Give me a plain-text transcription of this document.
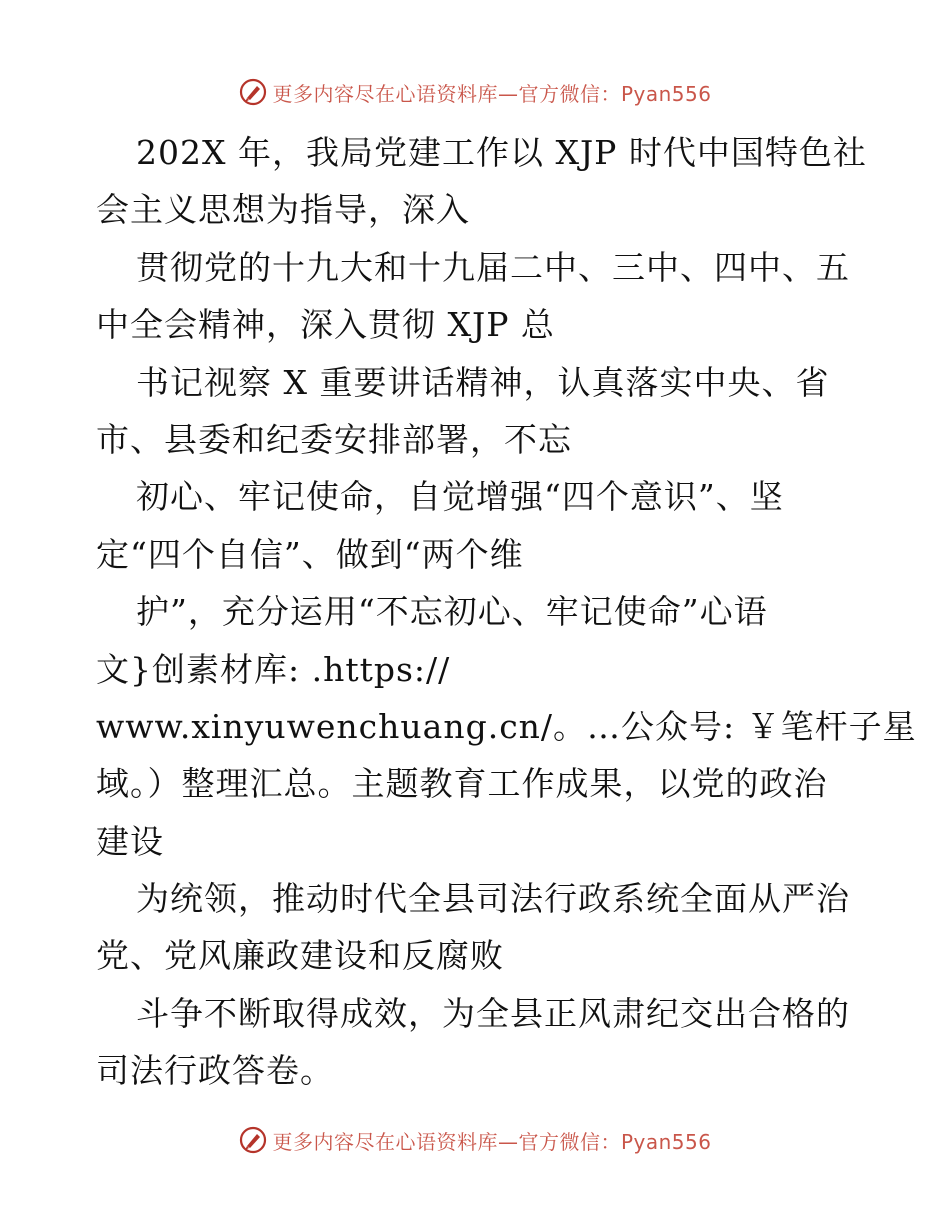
更多内容尽在心语资料库—官方微信：Pyan556
202X 年，我局党建工作以 XJP 时代中国特色社
会主义思想为指导，深入
贯彻党的十九大和十九届二中、三中、四中、五
中全会精神，深入贯彻 XJP 总
书记视察 X 重要讲话精神，认真落实中央、省
市、县委和纪委安排部署，不忘
初心、牢记使命，自觉增强“四个意识”、坚
定“四个自信”、做到“两个维
护”，充分运用“不忘初心、牢记使命”心语
文}创素材库: .https://
www.xinyuwenchuang.cn/。…公众号: ￥笔杆子星
域。）整理汇总。主题教育工作成果，以党的政治
建设
为统领，推动时代全县司法行政系统全面从严治
党、党风廉政建设和反腐败
斗争不断取得成效，为全县正风肃纪交出合格的
司法行政答卷。
更多内容尽在心语资料库—官方微信：Pyan556
